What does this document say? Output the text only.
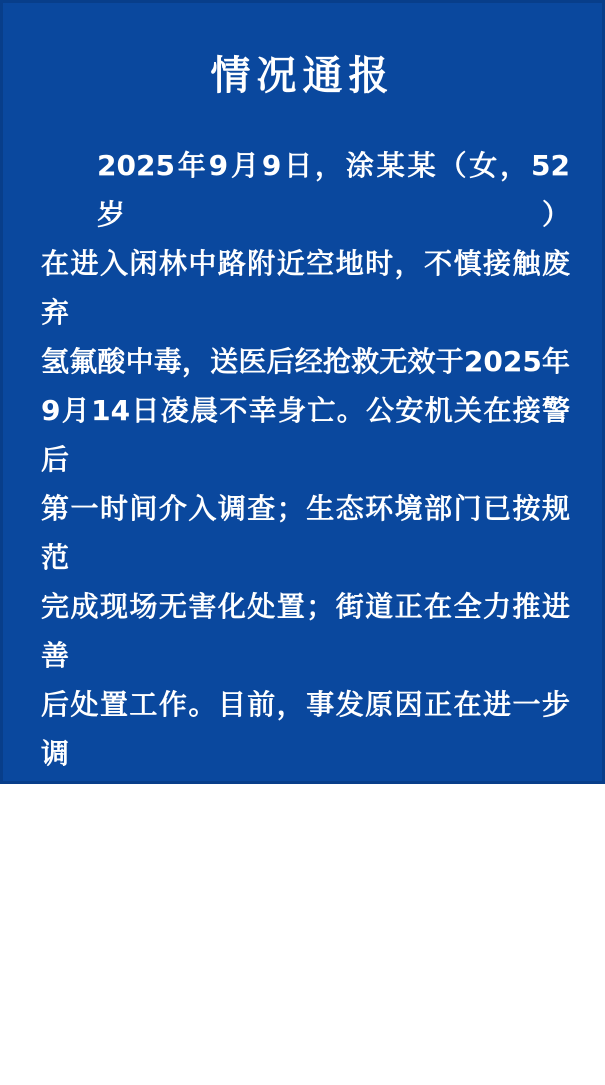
情况通报
2025年9月9日，涂某某（女，52岁）
在进入闲林中路附近空地时，不慎接触废弃
氢氟酸中毒，送医后经抢救无效于2025年
9月14日凌晨不幸身亡。公安机关在接警后
第一时间介入调查；生态环境部门已按规范
完成现场无害化处置；街道正在全力推进善
后处置工作。目前，事发原因正在进一步调
查中。对涂某某的不幸离世，我们深表痛心
和惋惜，向当事人家属表示深切慰问。
闲林街道办事处
2025年9月15日
